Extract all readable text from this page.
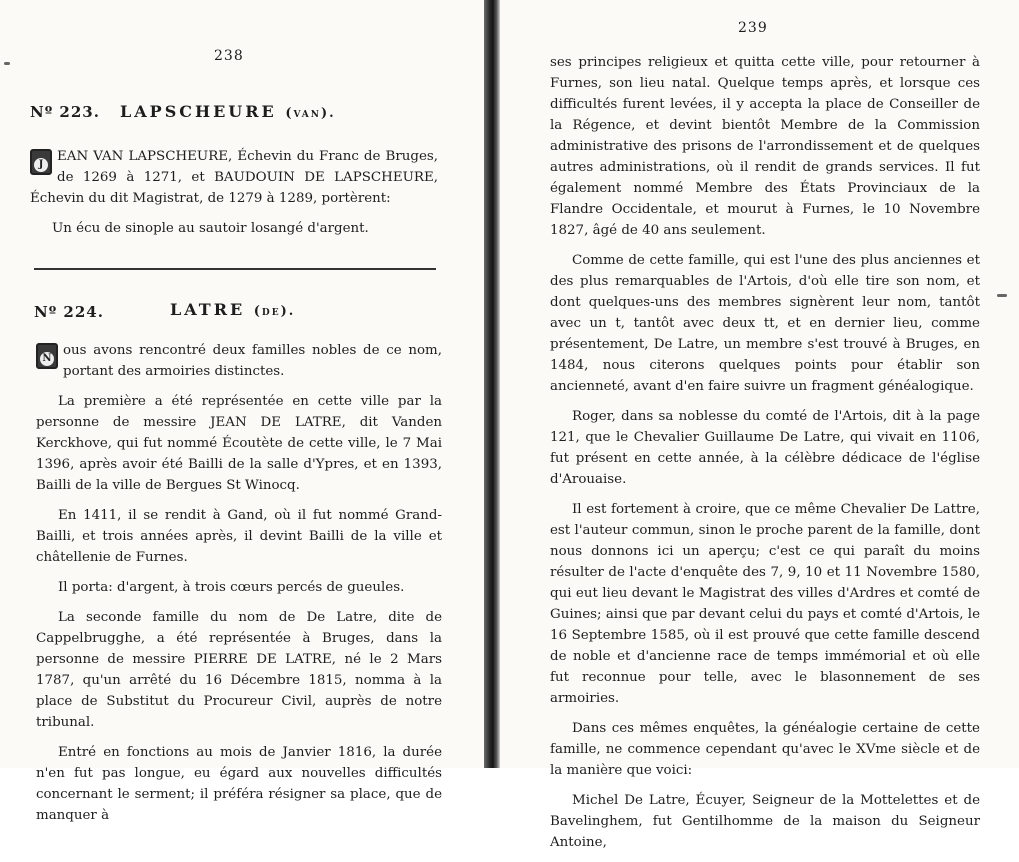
238
Nº 223. LAPSCHEURE (van).

J
EAN VAN LAPSCHEURE, Échevin du Franc de Bruges, de 1269 à 1271, et BAUDOUIN DE LAPSCHEURE, Échevin du dit Magistrat, de 1279 à 1289, portèrent:

Un écu de sinople au sautoir losangé d'argent.

Nº 224.	LATRE (de).

N
ous avons rencontré deux familles nobles de ce nom, portant des armoiries distinctes.

La première a été représentée en cette ville par la personne de messire JEAN DE LATRE, dit Vanden Kerckhove, qui fut nommé Écoutète de cette ville, le 7 Mai 1396, après avoir été Bailli de la salle d'Ypres, et en 1393, Bailli de la ville de Bergues St Winocq.

En 1411, il se rendit à Gand, où il fut nommé Grand-Bailli, et trois années après, il devint Bailli de la ville et châtellenie de Furnes.

Il porta: d'argent, à trois cœurs percés de gueules.

La seconde famille du nom de De Latre, dite de Cappelbrugghe, a été représentée à Bruges, dans la personne de messire PIERRE DE LATRE, né le 2 Mars 1787, qu'un arrêté du 16 Décembre 1815, nomma à la place de Substitut du Procureur Civil, auprès de notre tribunal.

Entré en fonctions au mois de Janvier 1816, la durée n'en fut pas longue, eu égard aux nouvelles difficultés concernant le serment; il préféra résigner sa place, que de manquer à

239

ses principes religieux et quitta cette ville, pour retourner à Furnes, son lieu natal. Quelque temps après, et lorsque ces difficultés furent levées, il y accepta la place de Conseiller de la Régence, et devint bientôt Membre de la Commission administrative des prisons de l'arrondissement et de quelques autres administrations, où il rendit de grands services. Il fut également nommé Membre des États Provinciaux de la Flandre Occidentale, et mourut à Furnes, le 10 Novembre 1827, âgé de 40 ans seulement.

Comme de cette famille, qui est l'une des plus anciennes et des plus remarquables de l'Artois, d'où elle tire son nom, et dont quelques-uns des membres signèrent leur nom, tantôt avec un t, tantôt avec deux tt, et en dernier lieu, comme présentement, De Latre, un membre s'est trouvé à Bruges, en 1484, nous citerons quelques points pour établir son ancienneté, avant d'en faire suivre un fragment généalogique.

Roger, dans sa noblesse du comté de l'Artois, dit à la page 121, que le Chevalier Guillaume De Latre, qui vivait en 1106, fut présent en cette année, à la célèbre dédicace de l'église d'Arouaise.

Il est fortement à croire, que ce même Chevalier De Lattre, est l'auteur commun, sinon le proche parent de la famille, dont nous donnons ici un aperçu; c'est ce qui paraît du moins résulter de l'acte d'enquête des 7, 9, 10 et 11 Novembre 1580, qui eut lieu devant le Magistrat des villes d'Ardres et comté de Guines; ainsi que par devant celui du pays et comté d'Artois, le 16 Septembre 1585, où il est prouvé que cette famille descend de noble et d'ancienne race de temps immémorial et où elle fut reconnue pour telle, avec le blasonnement de ses armoiries.

Dans ces mêmes enquêtes, la généalogie certaine de cette famille, ne commence cependant qu'avec le XVme siècle et de la manière que voici:

Michel De Latre, Écuyer, Seigneur de la Mottelettes et de Bavelinghem, fut Gentilhomme de la maison du Seigneur Antoine,
